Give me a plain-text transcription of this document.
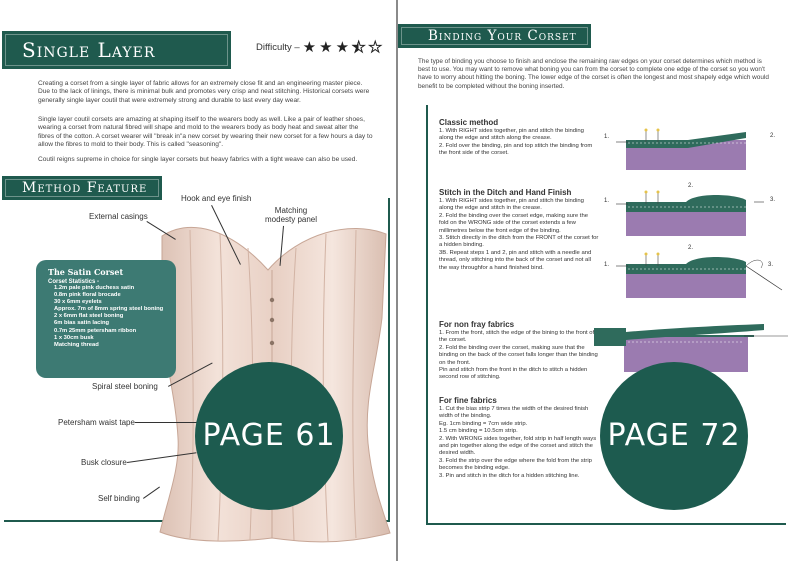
Single Layer Corset
Difficulty – ★ ★ ★ ★ ★

Creating a corset from a single layer of fabric allows for an extremely close fit and an engineering master piece. Due to the lack of linings, there is minimal bulk and promotes very crisp and neat stitching. Historical corsets were generally single layer coutil that were extremely strong and durable to last every day wear.

Single layer coutil corsets are amazing at shaping itself to the wearers body as well. Like a pair of leather shoes, wearing a corset from natural fibred will shape and mold to the wearers body as body heat and sweat alter the fibres of the cotton. A corset wearer will "break in"a new corset by wearing their new corset for a few hours a day to allow the fibres to mold to their body. This is called "seasoning".

Coutil reigns supreme in choice for single layer corsets but heavy fabrics with a tight weave can also be used.

Method Feature
Hook and eye finish
Matching
modesty panel
External casings
The Satin Corset
Corset Statistics -
1.2m pale pink duchess satin
0.8m pink floral brocade
30 x 6mm eyelets
Approx. 7m of 8mm spring steel boning
2 x 6mm flat steel boning
6m bias satin lacing
0.7m 25mm petersham ribbon
1 x 30cm busk
Matching thread
Spiral steel boning
Petersham waist tape
Busk closure
Self binding
PAGE 61
Binding Your Corset

The type of binding you choose to finish and enclose the remaining raw edges on your corset determines which method is best to use. You may want to remove what boning you can from the corset to complete one edge of the corset so you won't have to worry about hitting the boning. The lower edge of the corset is often the longest and most shapely edge which would benefit to be completed without the boning inserted.

Classic method

1. With RIGHT sides together, pin and stitch the binding along the edge and stitch along the crease.
2. Fold over the binding, pin and top stitch the binding from the front side of the corset.

Stitch in the Ditch and Hand Finish

1. With RIGHT sides together, pin and stitch the binding along the edge and stitch in the crease.
2. Fold the binding over the corset edge, making sure the fold on the WRONG side of the corset extends a few millimetres below the front edge of the binding.
3. Stitch directly in the ditch from the FRONT of the corset for a hidden binding.
3B. Repeat steps 1 and 2, pin and stitch with a needle and thread, only stitching into the back of the corset and not all the way throughfor a hand finished bind.

For non fray fabrics

1. From the front, stitch the edge of the bining to the front of the corset.
2. Fold the binding over the corset, making sure that the binding on the back of the corset falls longer than the binding on the front.
Pin and stitch from the front in the ditch to stitch a hidden second row of stitching.

For fine fabrics

1. Cut the bias strip 7 times the width of the desired finish width of the binding.
Eg. 1cm binding = 7cm wide strip.
1.5 cm binding = 10.5cm strip.
2. With WRONG sides together, fold strip in half length ways and pin together along the edge of the corset and stitch the desired width.
3. Fold the strip over the edge where the fold from the strip becomes the binding edge.
3. Pin and stitch in the ditch for a hidden stitching line.

1.	2.
2.
1.	3.
1.
2.
3.
PAGE 72
